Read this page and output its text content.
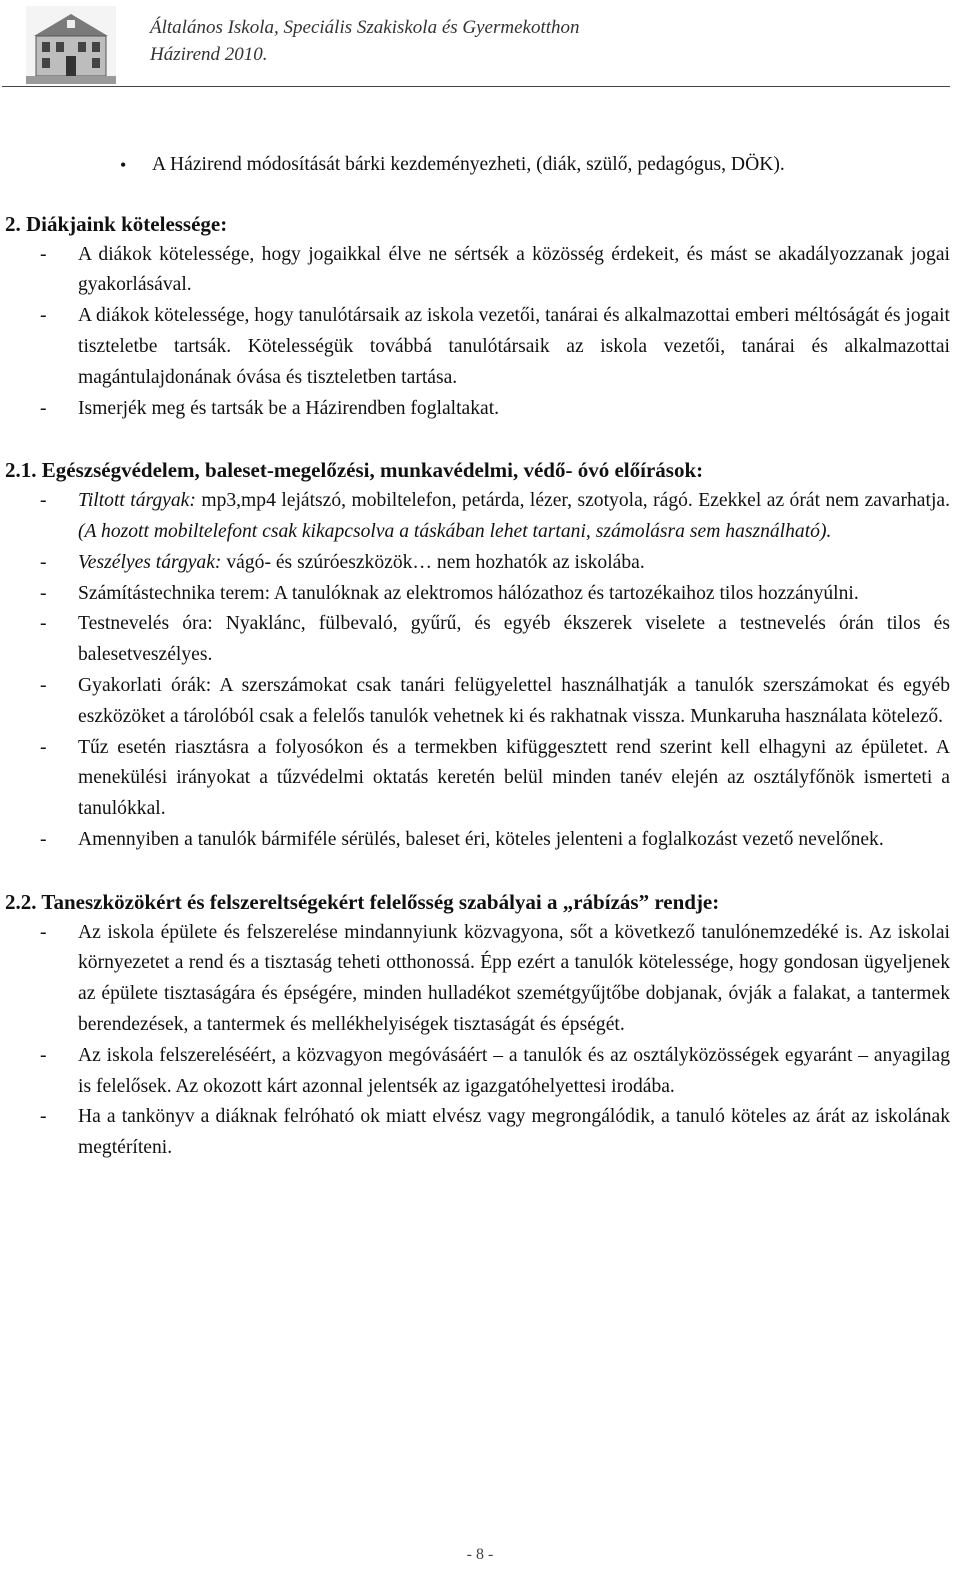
Általános Iskola, Speciális Szakiskola és Gyermekotthon
Házirend 2010.

• A Házirend módosítását bárki kezdeményezheti, (diák, szülő, pedagógus, DÖK).

2. Diákjaink kötelessége:

- A diákok kötelessége, hogy jogaikkal élve ne sértsék a közösség érdekeit, és mást se akadályozzanak jogai gyakorlásával.

- A diákok kötelessége, hogy tanulótársaik az iskola vezetői, tanárai és alkalmazottai emberi méltóságát és jogait tiszteletbe tartsák. Kötelességük továbbá tanulótársaik az iskola vezetői, tanárai és alkalmazottai magántulajdonának óvása és tiszteletben tartása.

- Ismerjék meg és tartsák be a Házirendben foglaltakat.

2.1. Egészségvédelem, baleset-megelőzési, munkavédelmi, védő- óvó előírások:

- Tiltott tárgyak: mp3,mp4 lejátszó, mobiltelefon, petárda, lézer, szotyola, rágó. Ezekkel az órát nem zavarhatja. (A hozott mobiltelefont csak kikapcsolva a táskában lehet tartani, számolásra sem használható).

- Veszélyes tárgyak: vágó- és szúróeszközök… nem hozhatók az iskolába.

- Számítástechnika terem: A tanulóknak az elektromos hálózathoz és tartozékaihoz tilos hozzányúlni.

- Testnevelés óra: Nyaklánc, fülbevaló, gyűrű, és egyéb ékszerek viselete a testnevelés órán tilos és balesetveszélyes.

- Gyakorlati órák: A szerszámokat csak tanári felügyelettel használhatják a tanulók szerszámokat és egyéb eszközöket a tárolóból csak a felelős tanulók vehetnek ki és rakhatnak vissza. Munkaruha használata kötelező.

- Tűz esetén riasztásra a folyosókon és a termekben kifüggesztett rend szerint kell elhagyni az épületet. A menekülési irányokat a tűzvédelmi oktatás keretén belül minden tanév elején az osztályfőnök ismerteti a tanulókkal.

- Amennyiben a tanulók bármiféle sérülés, baleset éri, köteles jelenteni a foglalkozást vezető nevelőnek.

2.2. Taneszközökért és felszereltségekért felelősség szabályai a „rábízás” rendje:

- Az iskola épülete és felszerelése mindannyiunk közvagyona, sőt a következő tanulónemzedéké is. Az iskolai környezetet a rend és a tisztaság teheti otthonossá. Épp ezért a tanulók kötelessége, hogy gondosan ügyeljenek az épülete tisztaságára és épségére, minden hulladékot szemétgyűjtőbe dobjanak, óvják a falakat, a tantermek berendezések, a tantermek és mellékhelyiségek tisztaságát és épségét.

- Az iskola felszereléséért, a közvagyon megóvásáért – a tanulók és az osztályközösségek egyaránt – anyagilag is felelősek. Az okozott kárt azonnal jelentsék az igazgatóhelyettesi irodába.

- Ha a tankönyv a diáknak felróható ok miatt elvész vagy megrongálódik, a tanuló köteles az árát az iskolának megtéríteni.

- 8 -
